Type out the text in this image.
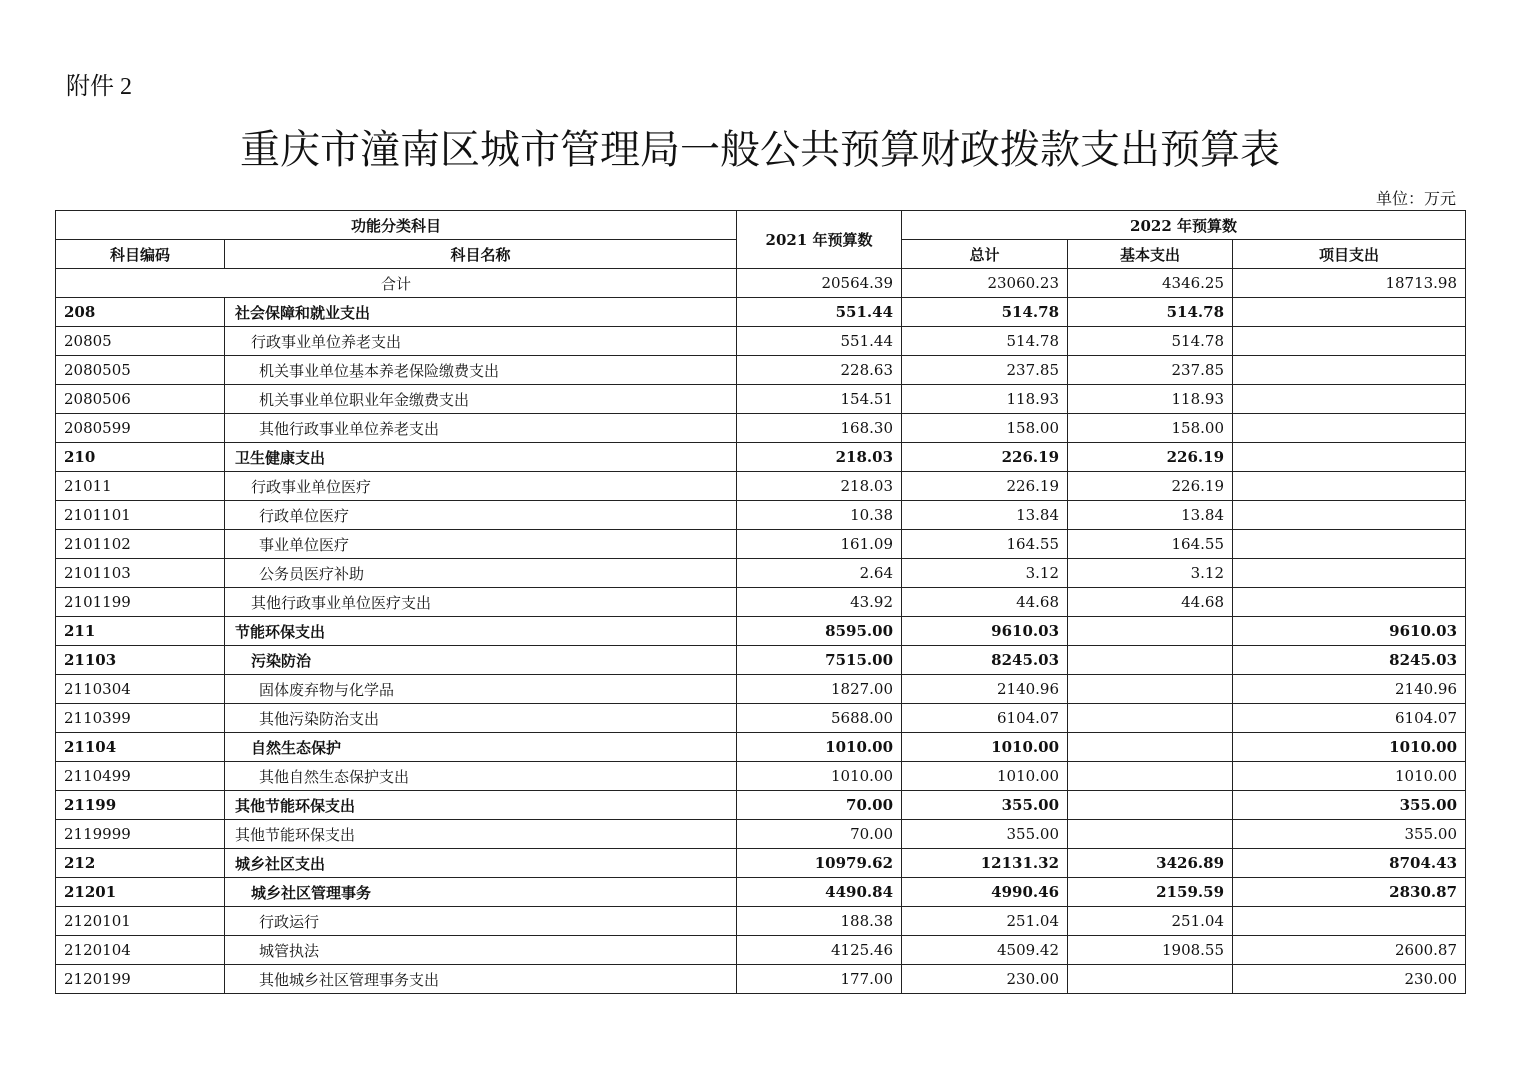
附件 2
重庆市潼南区城市管理局一般公共预算财政拨款支出预算表
单位：万元
功能分类科目		2021 年预算数	2022 年预算数		
科目编码	科目名称		总计	基本支出	项目支出
合计		20564.39	23060.23	4346.25	18713.98
208	社会保障和就业支出	551.44	514.78	514.78	
20805	行政事业单位养老支出	551.44	514.78	514.78	
2080505	机关事业单位基本养老保险缴费支出	228.63	237.85	237.85	
2080506	机关事业单位职业年金缴费支出	154.51	118.93	118.93	
2080599	其他行政事业单位养老支出	168.30	158.00	158.00	
210	卫生健康支出	218.03	226.19	226.19	
21011	行政事业单位医疗	218.03	226.19	226.19	
2101101	行政单位医疗	10.38	13.84	13.84	
2101102	事业单位医疗	161.09	164.55	164.55	
2101103	公务员医疗补助	2.64	3.12	3.12	
2101199	其他行政事业单位医疗支出	43.92	44.68	44.68	
211	节能环保支出	8595.00	9610.03		9610.03
21103	污染防治	7515.00	8245.03		8245.03
2110304	固体废弃物与化学品	1827.00	2140.96		2140.96
2110399	其他污染防治支出	5688.00	6104.07		6104.07
21104	自然生态保护	1010.00	1010.00		1010.00
2110499	其他自然生态保护支出	1010.00	1010.00		1010.00
21199	其他节能环保支出	70.00	355.00		355.00
2119999	其他节能环保支出	70.00	355.00		355.00
212	城乡社区支出	10979.62	12131.32	3426.89	8704.43
21201	城乡社区管理事务	4490.84	4990.46	2159.59	2830.87
2120101	行政运行	188.38	251.04	251.04	
2120104	城管执法	4125.46	4509.42	1908.55	2600.87
2120199	其他城乡社区管理事务支出	177.00	230.00		230.00
